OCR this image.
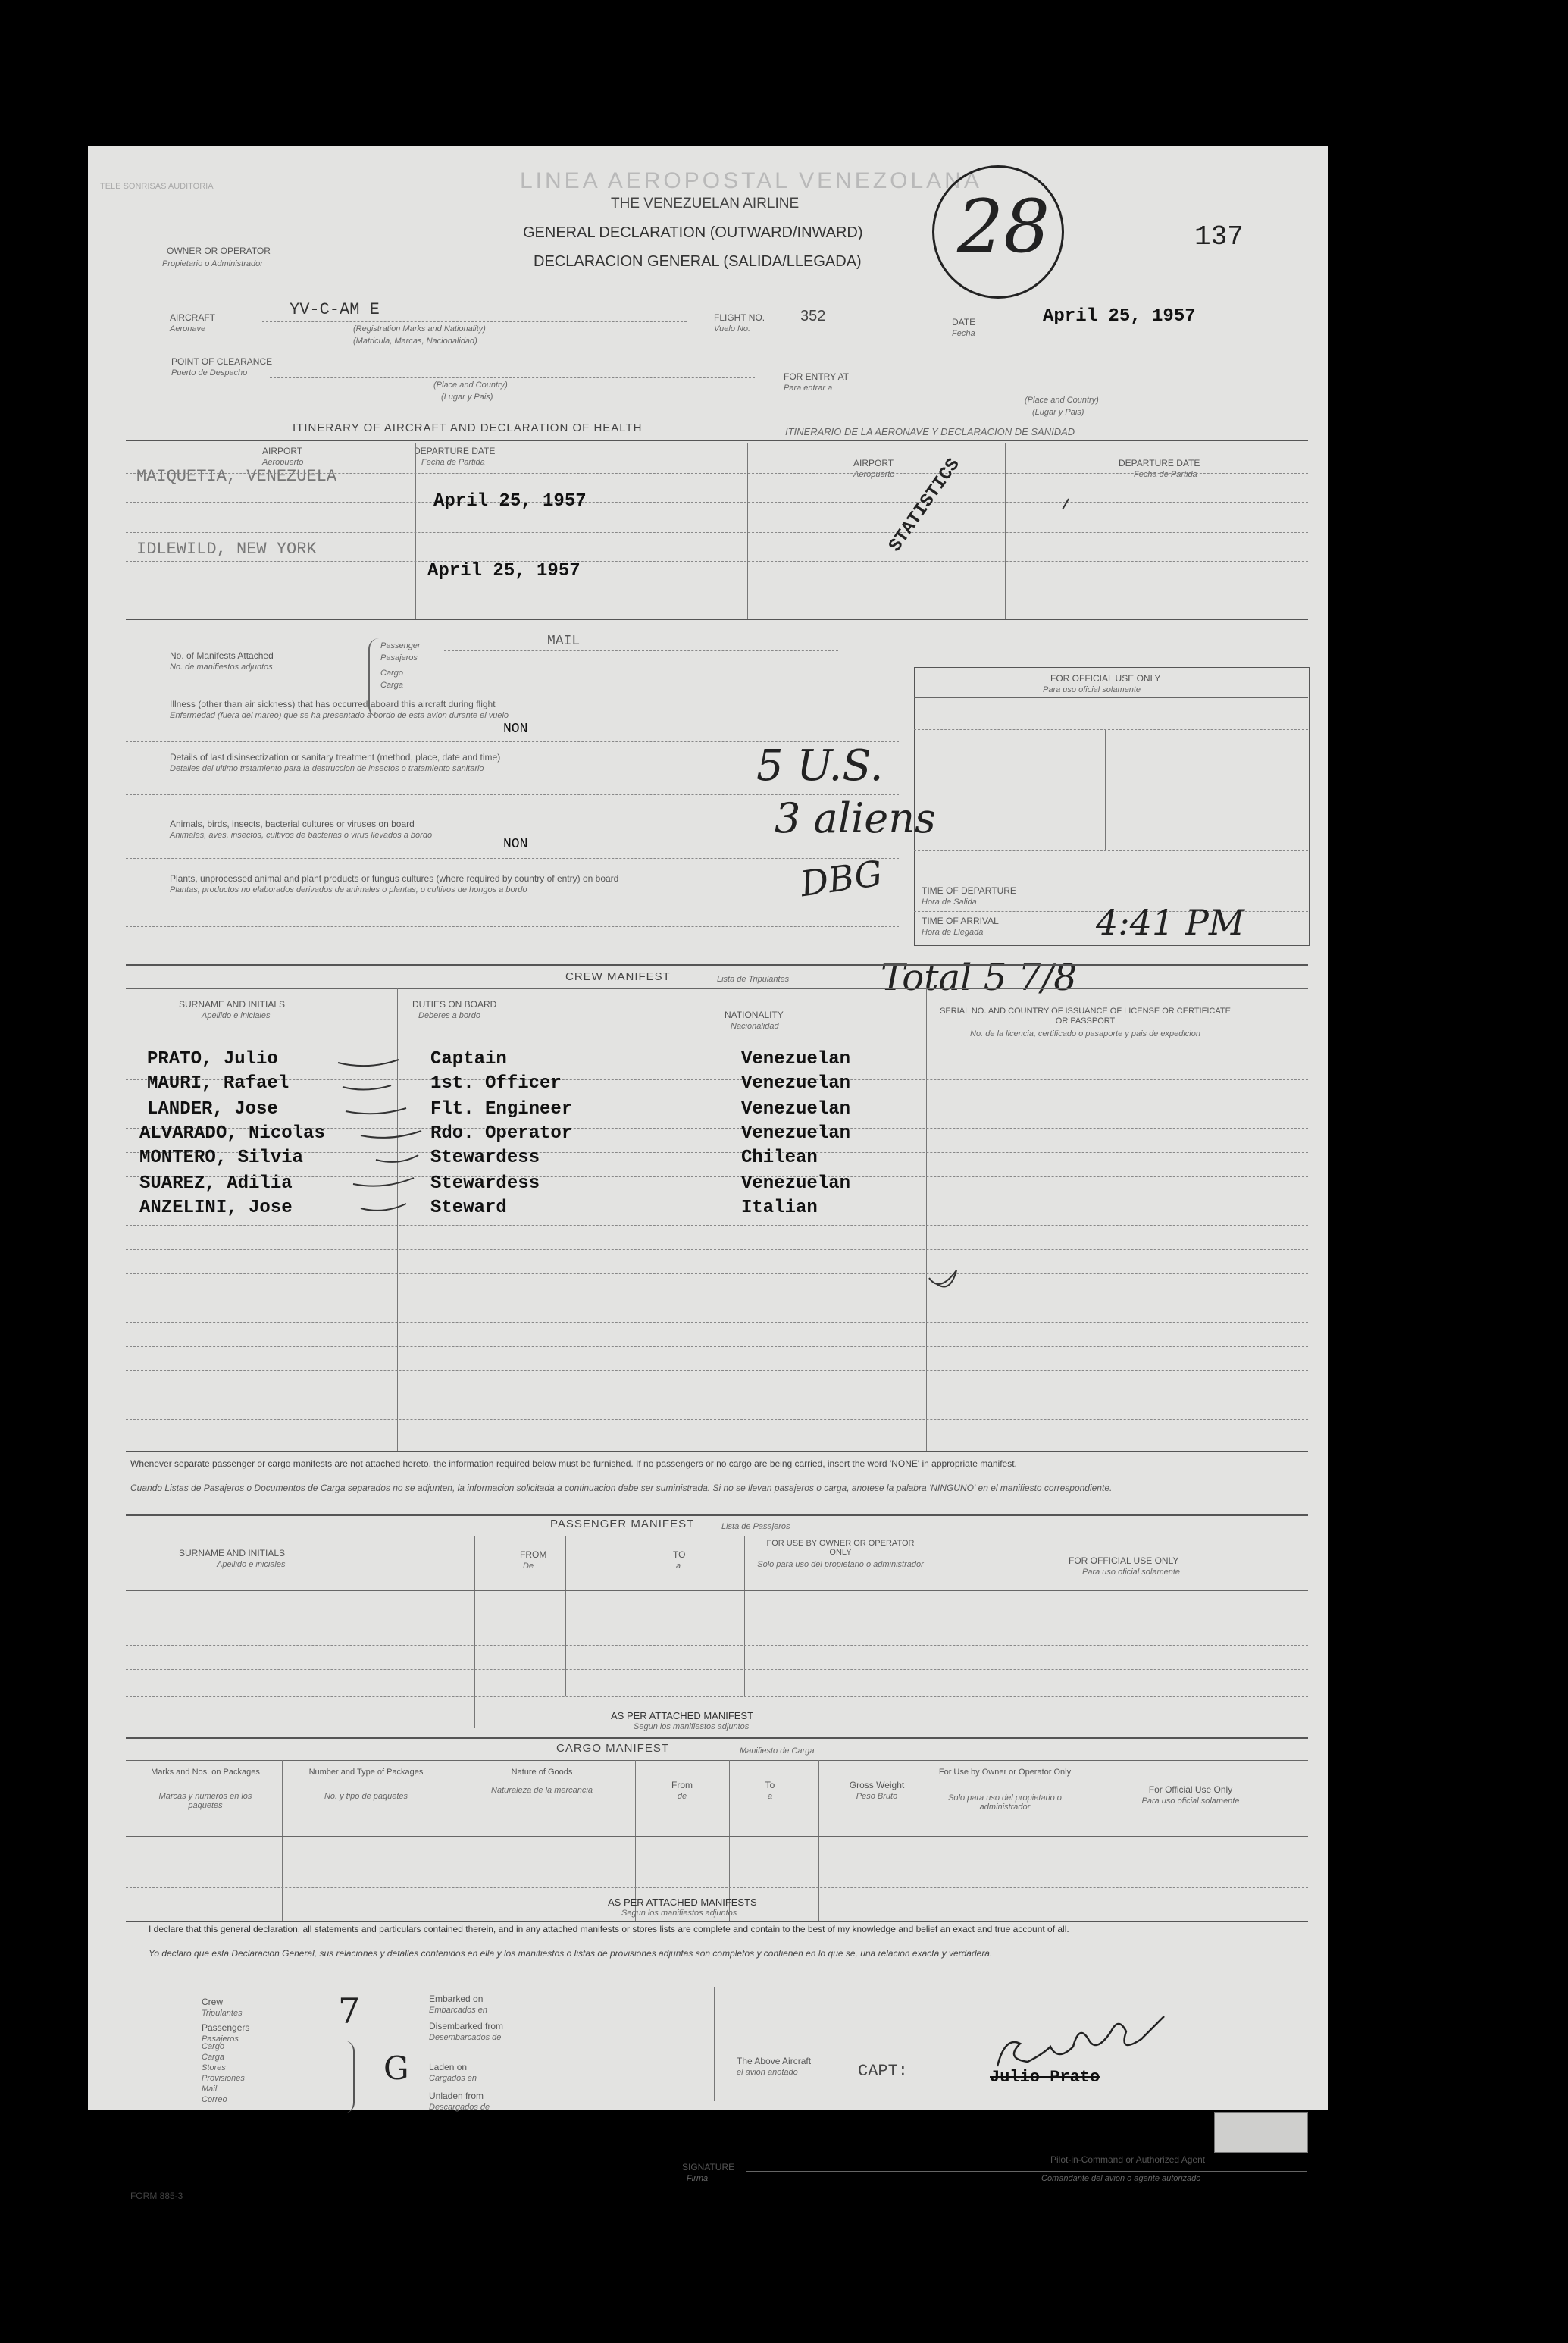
TELE SONRISAS AUDITORIA	LINEA AEROPOSTAL VENEZOLANA
THE VENEZUELAN AIRLINE
GENERAL DECLARATION (OUTWARD/INWARD)
DECLARACION GENERAL (SALIDA/LLEGADA) 28	137
OWNER OR OPERATOR
Propietario o Administrador
AIRCRAFT
Aeronave
YV-C-AM E
(Registration Marks and Nationality)
(Matricula, Marcas, Nacionalidad)
FLIGHT NO.
Vuelo No.
352	DATE
Fecha
April 25, 1957
POINT OF CLEARANCE
Puerto de Despacho
(Place and Country)
(Lugar y Pais)
FOR ENTRY AT
Para entrar a
(Place and Country)
(Lugar y Pais)
ITINERARY OF AIRCRAFT AND DECLARATION OF HEALTH	ITINERARIO DE LA AERONAVE Y DECLARACION DE SANIDAD
AIRPORT
Aeropuerto
DEPARTURE DATE
Fecha de Partida	AIRPORT
Aeropuerto
DEPARTURE DATE
Fecha de Partida
MAIQUETIA, VENEZUELA
April 25, 1957
IDLEWILD, NEW YORK
April 25, 1957
STATISTICS
No. of Manifests Attached
No. de manifiestos adjuntos
Passenger
Pasajeros
Cargo
Carga
MAIL
Illness (other than air sickness) that has occurred aboard this aircraft during flight
Enfermedad (fuera del mareo) que se ha presentado a bordo de esta avion durante el vuelo
NON
Details of last disinsectization or sanitary treatment (method, place, date and time)
Detalles del ultimo tratamiento para la destruccion de insectos o tratamiento sanitario
Animals, birds, insects, bacterial cultures or viruses on board
Animales, aves, insectos, cultivos de bacterias o virus llevados a bordo
NON
Plants, unprocessed animal and plant products or fungus cultures (where required by country of entry) on board
Plantas, productos no elaborados derivados de animales o plantas, o cultivos de hongos a bordo
FOR OFFICIAL USE ONLY
Para uso oficial solamente
TIME OF DEPARTURE
Hora de Salida
TIME OF ARRIVAL
Hora de Llegada
5 U.S.
3 aliens
DBG
4:41 PM
Total 5 7/8
CREW MANIFEST	Lista de Tripulantes
SURNAME AND INITIALS
Apellido e iniciales
DUTIES ON BOARD
Deberes a bordo	NATIONALITY
Nacionalidad
SERIAL NO. AND COUNTRY OF ISSUANCE OF LICENSE OR CERTIFICATE OR PASSPORT
No. de la licencia, certificado o pasaporte y pais de expedicion
PRATO, Julio	Captain	Venezuelan
MAURI, Rafael	1st. Officer	Venezuelan
LANDER, Jose	Flt. Engineer	Venezuelan
ALVARADO, Nicolas	Rdo. Operator	Venezuelan
MONTERO, Silvia	Stewardess	Chilean
SUAREZ, Adilia	Stewardess	Venezuelan
ANZELINI, Jose	Steward	Italian
Whenever separate passenger or cargo manifests are not attached hereto, the information required below must be furnished. If no passengers or no cargo are being carried, insert the word 'NONE' in appropriate manifest.
Cuando Listas de Pasajeros o Documentos de Carga separados no se adjunten, la informacion solicitada a continuacion debe ser suministrada. Si no se llevan pasajeros o carga, anotese la palabra 'NINGUNO' en el manifiesto correspondiente.
PASSENGER MANIFEST	Lista de Pasajeros
SURNAME AND INITIALS
Apellido e iniciales
FROM
De
TO
a
FOR USE BY OWNER OR OPERATOR ONLY
Solo para uso del propietario o administrador	FOR OFFICIAL USE ONLY
Para uso oficial solamente
AS PER ATTACHED MANIFEST
Segun los manifiestos adjuntos
CARGO MANIFEST	Manifiesto de Carga
Marks and Nos. on Packages
Marcas y numeros en los paquetes
Number and Type of Packages
No. y tipo de paquetes
Nature of Goods
Naturaleza de la mercancia	From
de
To
a
Gross Weight
Peso Bruto
For Use by Owner or Operator Only
Solo para uso del propietario o administrador
For Official Use Only
Para uso oficial solamente
AS PER ATTACHED MANIFESTS
Segun los manifiestos adjuntos
I declare that this general declaration, all statements and particulars contained therein, and in any attached manifests or stores lists are complete and contain to the best of my knowledge and belief an exact and true account of all.
Yo declaro que esta Declaracion General, sus relaciones y detalles contenidos en ella y los manifiestos o listas de provisiones adjuntas son completos y contienen en lo que se, una relacion exacta y verdadera.
Crew
Tripulantes
Passengers
Pasajeros
7	Embarked on
Embarcados en
Disembarked from
Desembarcados de
Cargo
Carga
Stores
Provisiones
Mail
Correo
G Laden on
Cargados en
Unladen from
Descargados de
The Above Aircraft
el avion anotado	CAPT:	Julio Prato
SIGNATURE
Firma
Pilot-in-Command or Authorized Agent
Comandante del avion o agente autorizado
FORM 885-3
